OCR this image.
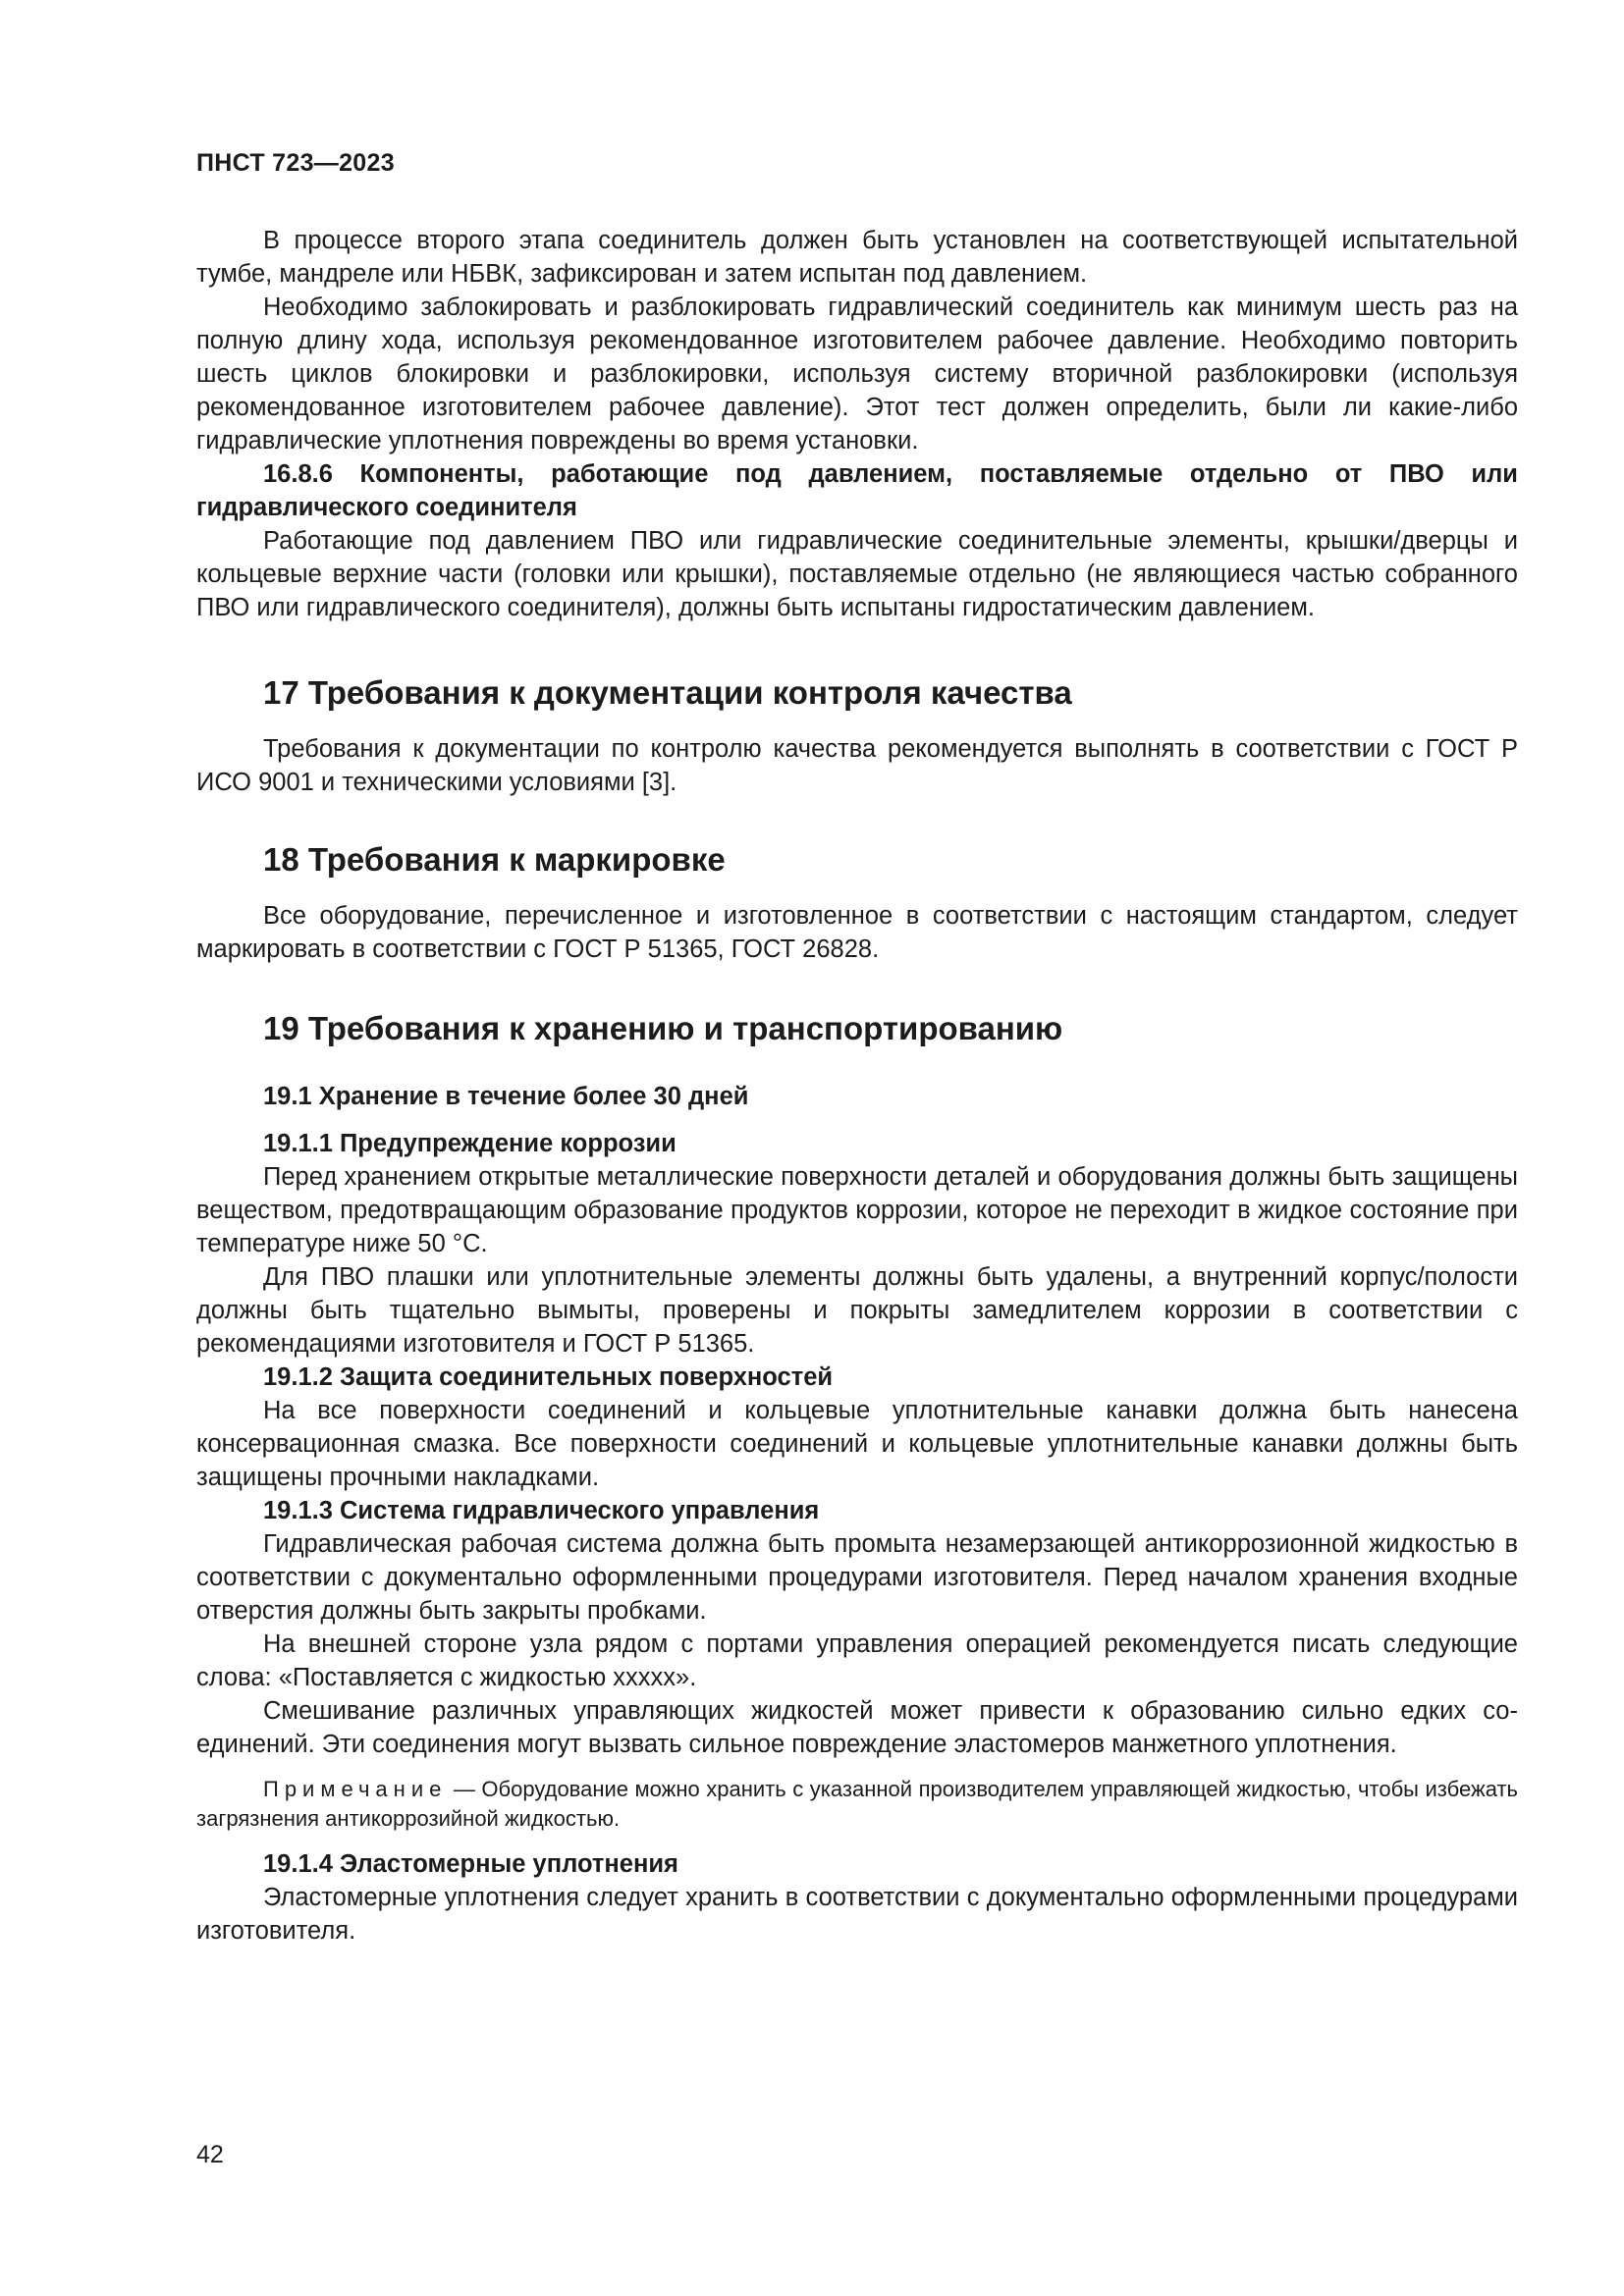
ПНСТ 723—2023

В процессе второго этапа соединитель должен быть установлен на соответствующей испытательной тумбе, мандреле или НБВК, зафиксирован и затем испытан под давлением.

Необходимо заблокировать и разблокировать гидравлический соединитель как минимум шесть раз на полную длину хода, используя рекомендованное изготовителем рабочее давление. Необходимо повторить шесть циклов блокировки и разблокировки, используя систему вторичной разблокировки (используя рекомендованное изготовителем рабочее давление). Этот тест должен определить, были ли какие-либо гидравлические уплотнения повреждены во время установки.

16.8.6 Компоненты, работающие под давлением, поставляемые отдельно от ПВО или гидравлического соединителя

Работающие под давлением ПВО или гидравлические соединительные элементы, крышки/дверцы и кольцевые верхние части (головки или крышки), поставляемые отдельно (не являющиеся частью собранного ПВО или гидравлического соединителя), должны быть испытаны гидростатическим давлением.

17 Требования к документации контроля качества

Требования к документации по контролю качества рекомендуется выполнять в соответствии с ГОСТ Р ИСО 9001 и техническими условиями [3].

18 Требования к маркировке

Все оборудование, перечисленное и изготовленное в соответствии с настоящим стандартом, следует маркировать в соответствии с ГОСТ Р 51365, ГОСТ 26828.

19 Требования к хранению и транспортированию

19.1 Хранение в течение более 30 дней

19.1.1 Предупреждение коррозии

Перед хранением открытые металлические поверхности деталей и оборудования должны быть защищены веществом, предотвращающим образование продуктов коррозии, которое не переходит в жидкое состояние при температуре ниже 50 °С.

Для ПВО плашки или уплотнительные элементы должны быть удалены, а внутренний корпус/полости должны быть тщательно вымыты, проверены и покрыты замедлителем коррозии в соответствии с рекомендациями изготовителя и ГОСТ Р 51365.

19.1.2 Защита соединительных поверхностей

На все поверхности соединений и кольцевые уплотнительные канавки должна быть нанесена консервационная смазка. Все поверхности соединений и кольцевые уплотнительные канавки должны быть защищены прочными накладками.

19.1.3 Система гидравлического управления

Гидравлическая рабочая система должна быть промыта незамерзающей антикоррозионной жидкостью в соответствии с документально оформленными процедурами изготовителя. Перед началом хранения входные отверстия должны быть закрыты пробками.

На внешней стороне узла рядом с портами управления операцией рекомендуется писать следующие слова: «Поставляется с жидкостью ххххх».

Смешивание различных управляющих жидкостей может привести к образованию сильно едких соединений. Эти соединения могут вызвать сильное повреждение эластомеров манжетного уплотнения.

Примечание — Оборудование можно хранить с указанной производителем управляющей жидкостью, чтобы избежать загрязнения антикоррозийной жидкостью.

19.1.4 Эластомерные уплотнения

Эластомерные уплотнения следует хранить в соответствии с документально оформленными процедурами изготовителя.

42
